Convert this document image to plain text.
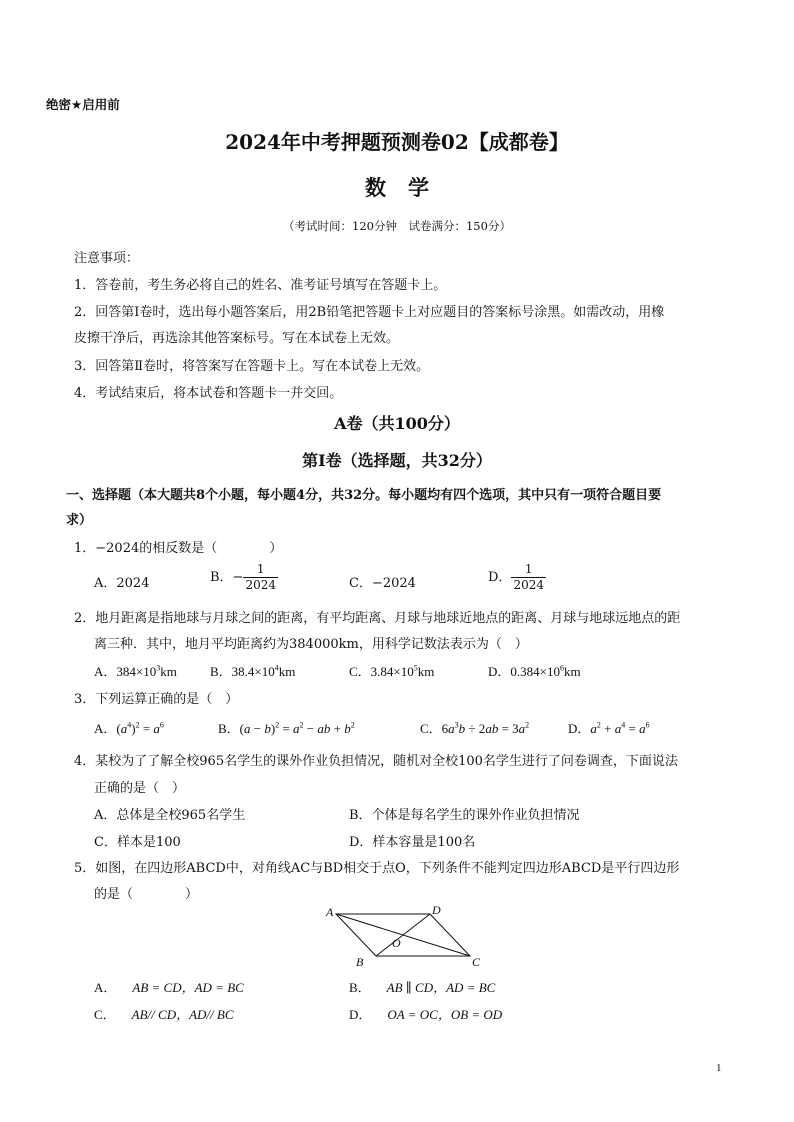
绝密★启用前
2024年中考押题预测卷02【成都卷】
数学
（考试时间：120分钟　试卷满分：150分）
注意事项：
1．答卷前，考生务必将自己的姓名、准考证号填写在答题卡上。
2．回答第Ⅰ卷时，选出每小题答案后，用2B铅笔把答题卡上对应题目的答案标号涂黑。如需改动，用橡
皮擦干净后，再选涂其他答案标号。写在本试卷上无效。
3．回答第Ⅱ卷时，将答案写在答题卡上。写在本试卷上无效。
4．考试结束后，将本试卷和答题卡一并交回。
A卷（共100分）
第Ⅰ卷（选择题，共32分）
一、选择题（本大题共8个小题，每小题4分，共32分。每小题均有四个选项，其中只有一项符合题目要
求）
1．−2024的相反数是（　　　　）
A．2024	B．− $\frac{1}{2024}$	C．−2024	D． $\frac{1}{2024}$
2．地月距离是指地球与月球之间的距离，有平均距离、月球与地球近地点的距离、月球与地球远地点的距
离三种．其中，地月平均距离约为384000km，用科学记数法表示为（　）
A．$384\times 10^3km$	B．$38.4\times 10^4km$	C．$3.84\times 10^5km$	D．$0.384\times 10^6km$
3．下列运算正确的是（　）
A．$(a^4)^2 = a^6$	B．$(a - b)^2 = a^2$ − ab + $b^2$	C．$6a^3b \div 2ab = 3a^2$	D．$a^2 + a^4 = a^6$
4．某校为了了解全校965名学生的课外作业负担情况，随机对全校100名学生进行了问卷调查，下面说法
正确的是（　）
A．总体是全校965名学生	B．个体是每名学生的课外作业负担情况
C．样本是100	D．样本容量是100名
5．如图，在四边形ABCD中，对角线AC与BD相交于点O，下列条件不能判定四边形ABCD是平行四边形
的是（　　　　）
A	D
B	C
O
A． AB = CD，AD = BC	B． AB ∥ CD，AD = BC
C． AB// CD，AD// BC	D． OA = OC，OB = OD
1
